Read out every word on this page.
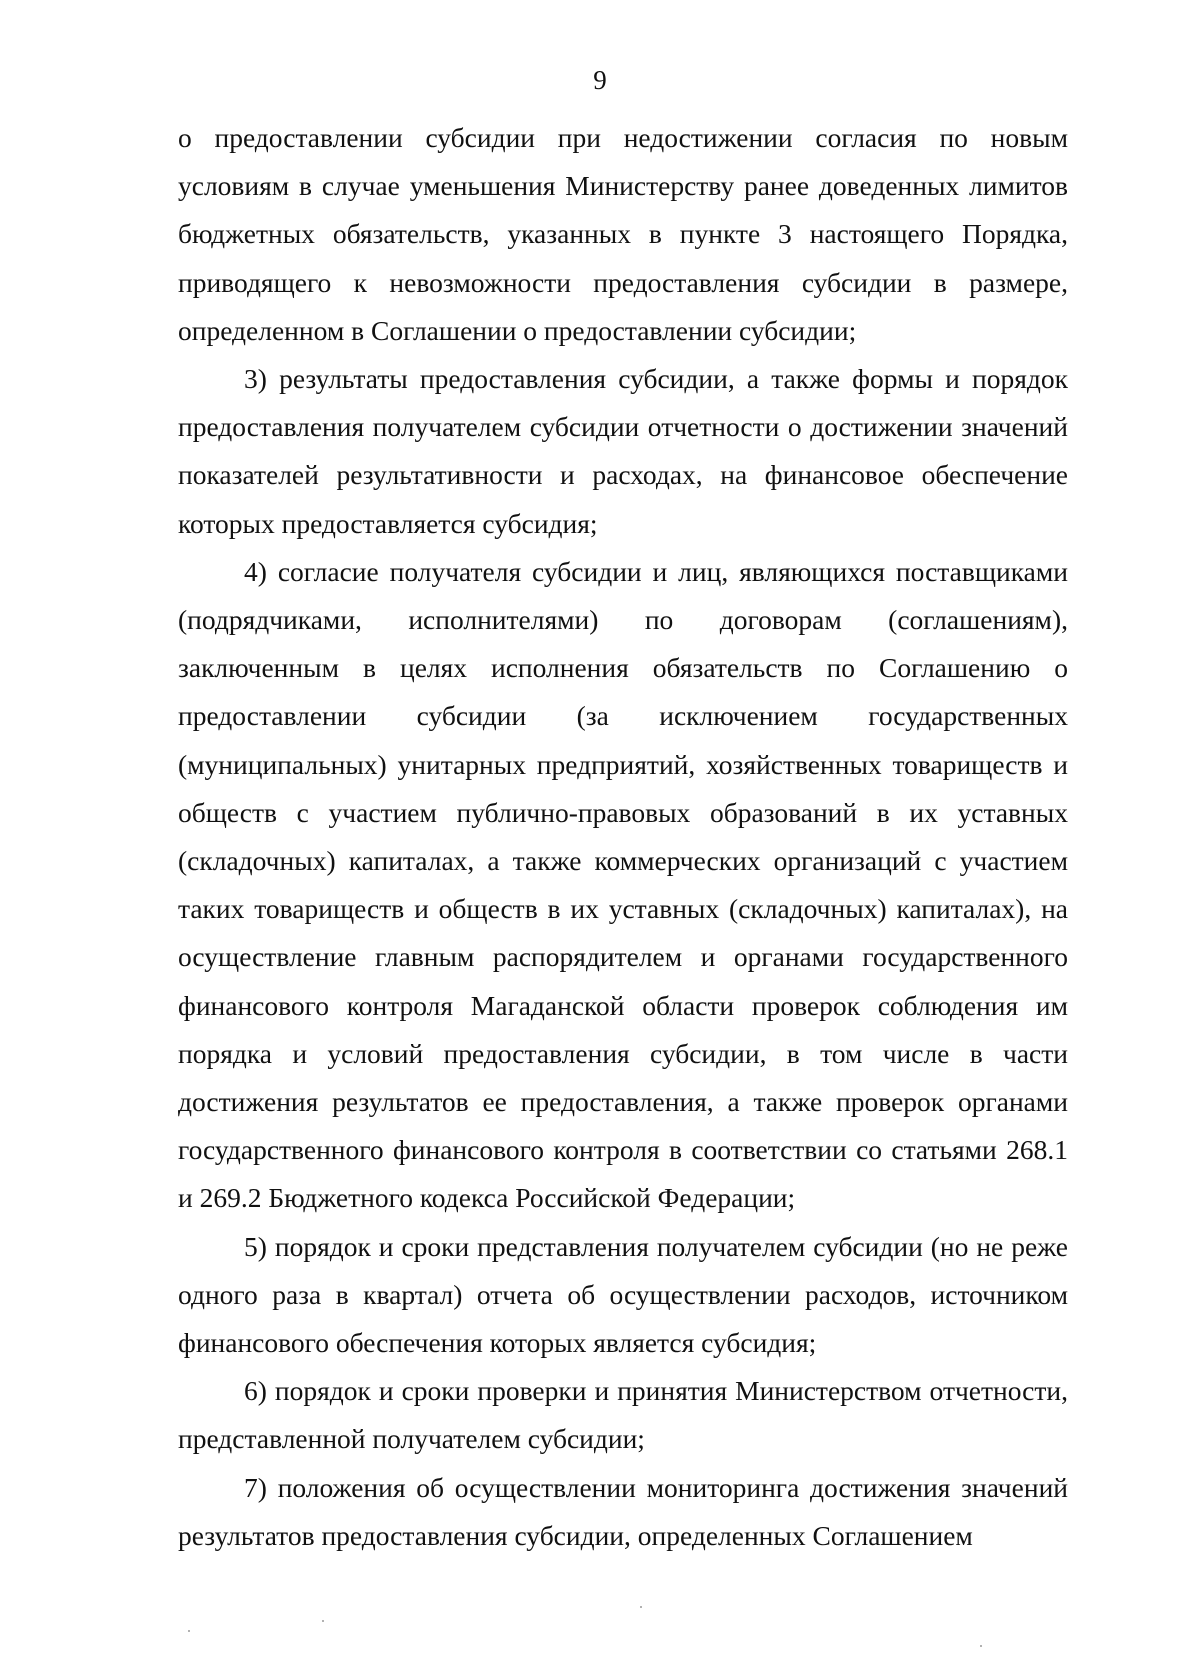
9

о предоставлении субсидии при недостижении согласия по новым условиям в случае уменьшения Министерству ранее доведенных лимитов бюджетных обязательств, указанных в пункте 3 настоящего Порядка, приводящего к невозможности предоставления субсидии в размере, определенном в Соглашении о предоставлении субсидии;

3) результаты предоставления субсидии, а также формы и порядок предоставления получателем субсидии отчетности о достижении значений показателей результативности и расходах, на финансовое обеспечение которых предоставляется субсидия;

4) согласие получателя субсидии и лиц, являющихся поставщиками (подрядчиками, исполнителями) по договорам (соглашениям), заключенным в целях исполнения обязательств по Соглашению о предоставлении субсидии (за исключением государственных (муниципальных) унитарных предприятий, хозяйственных товариществ и обществ с участием публично-правовых образований в их уставных (складочных) капиталах, а также коммерческих организаций с участием таких товариществ и обществ в их уставных (складочных) капиталах), на осуществление главным распорядителем и органами государственного финансового контроля Магаданской области проверок соблюдения им порядка и условий предоставления субсидии, в том числе в части достижения результатов ее предоставления, а также проверок органами государственного финансового контроля в соответствии со статьями 268.1 и 269.2 Бюджетного кодекса Российской Федерации;

5) порядок и сроки представления получателем субсидии (но не реже одного раза в квартал) отчета об осуществлении расходов, источником финансового обеспечения которых является субсидия;

6) порядок и сроки проверки и принятия Министерством отчетности, представленной получателем субсидии;

7) положения об осуществлении мониторинга достижения значений результатов предоставления субсидии, определенных Соглашением
